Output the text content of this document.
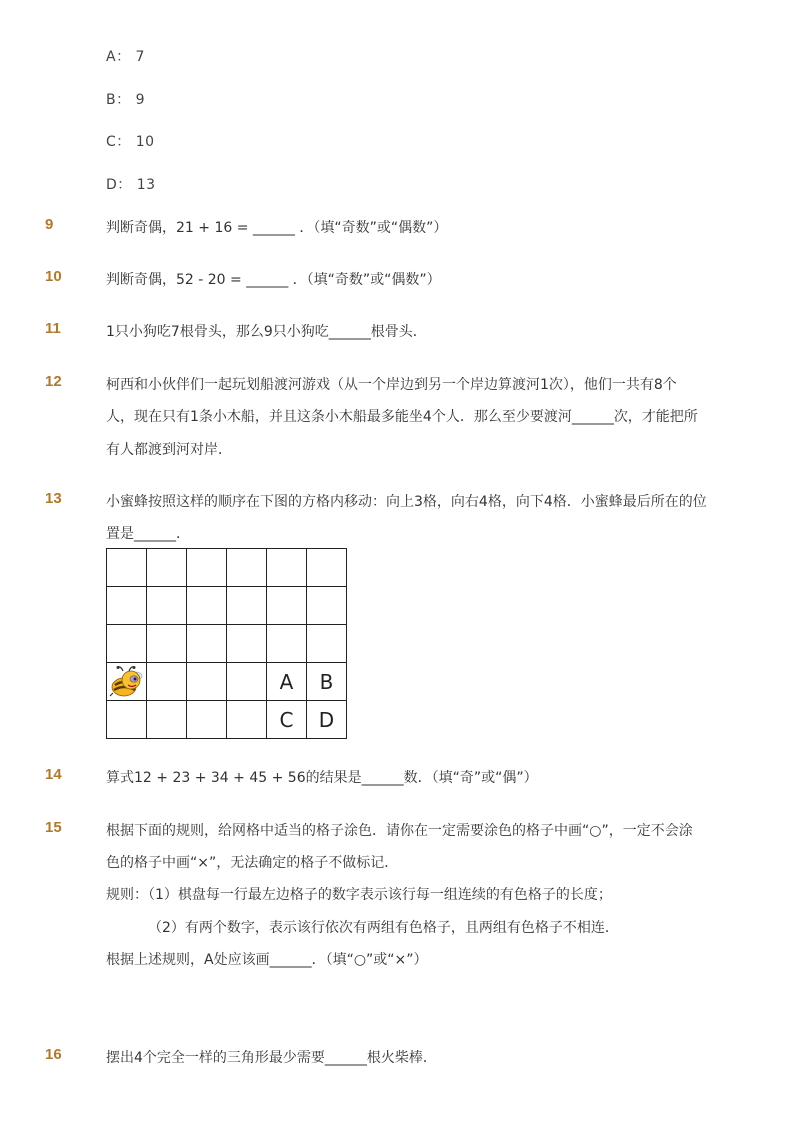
A： 7
B： 9
C： 10
D： 13
9	判断奇偶，21 + 16 = ______ ．（填“奇数”或“偶数”）
10	判断奇偶，52 - 20 = ______ ．（填“奇数”或“偶数”）
11	1只小狗吃7根骨头，那么9只小狗吃______根骨头．
12	柯西和小伙伴们一起玩划船渡河游戏（从一个岸边到另一个岸边算渡河1次），他们一共有8个
人，现在只有1条小木船，并且这条小木船最多能坐4个人．那么至少要渡河______次，才能把所
有人都渡到河对岸．
13	小蜜蜂按照这样的顺序在下图的方格内移动：向上3格，向右4格，向下4格．小蜜蜂最后所在的位
置是______．

				A	B
				C	D
14	算式12 + 23 + 34 + 45 + 56的结果是______数．（填“奇”或“偶”）
15	根据下面的规则，给网格中适当的格子涂色．请你在一定需要涂色的格子中画“○”，一定不会涂
色的格子中画“×”，无法确定的格子不做标记．
规则：（1）棋盘每一行最左边格子的数字表示该行每一组连续的有色格子的长度；
（2）有两个数字，表示该行依次有两组有色格子，且两组有色格子不相连．
根据上述规则，A处应该画______．（填“○”或“×”）
16	摆出4个完全一样的三角形最少需要______根火柴棒．
